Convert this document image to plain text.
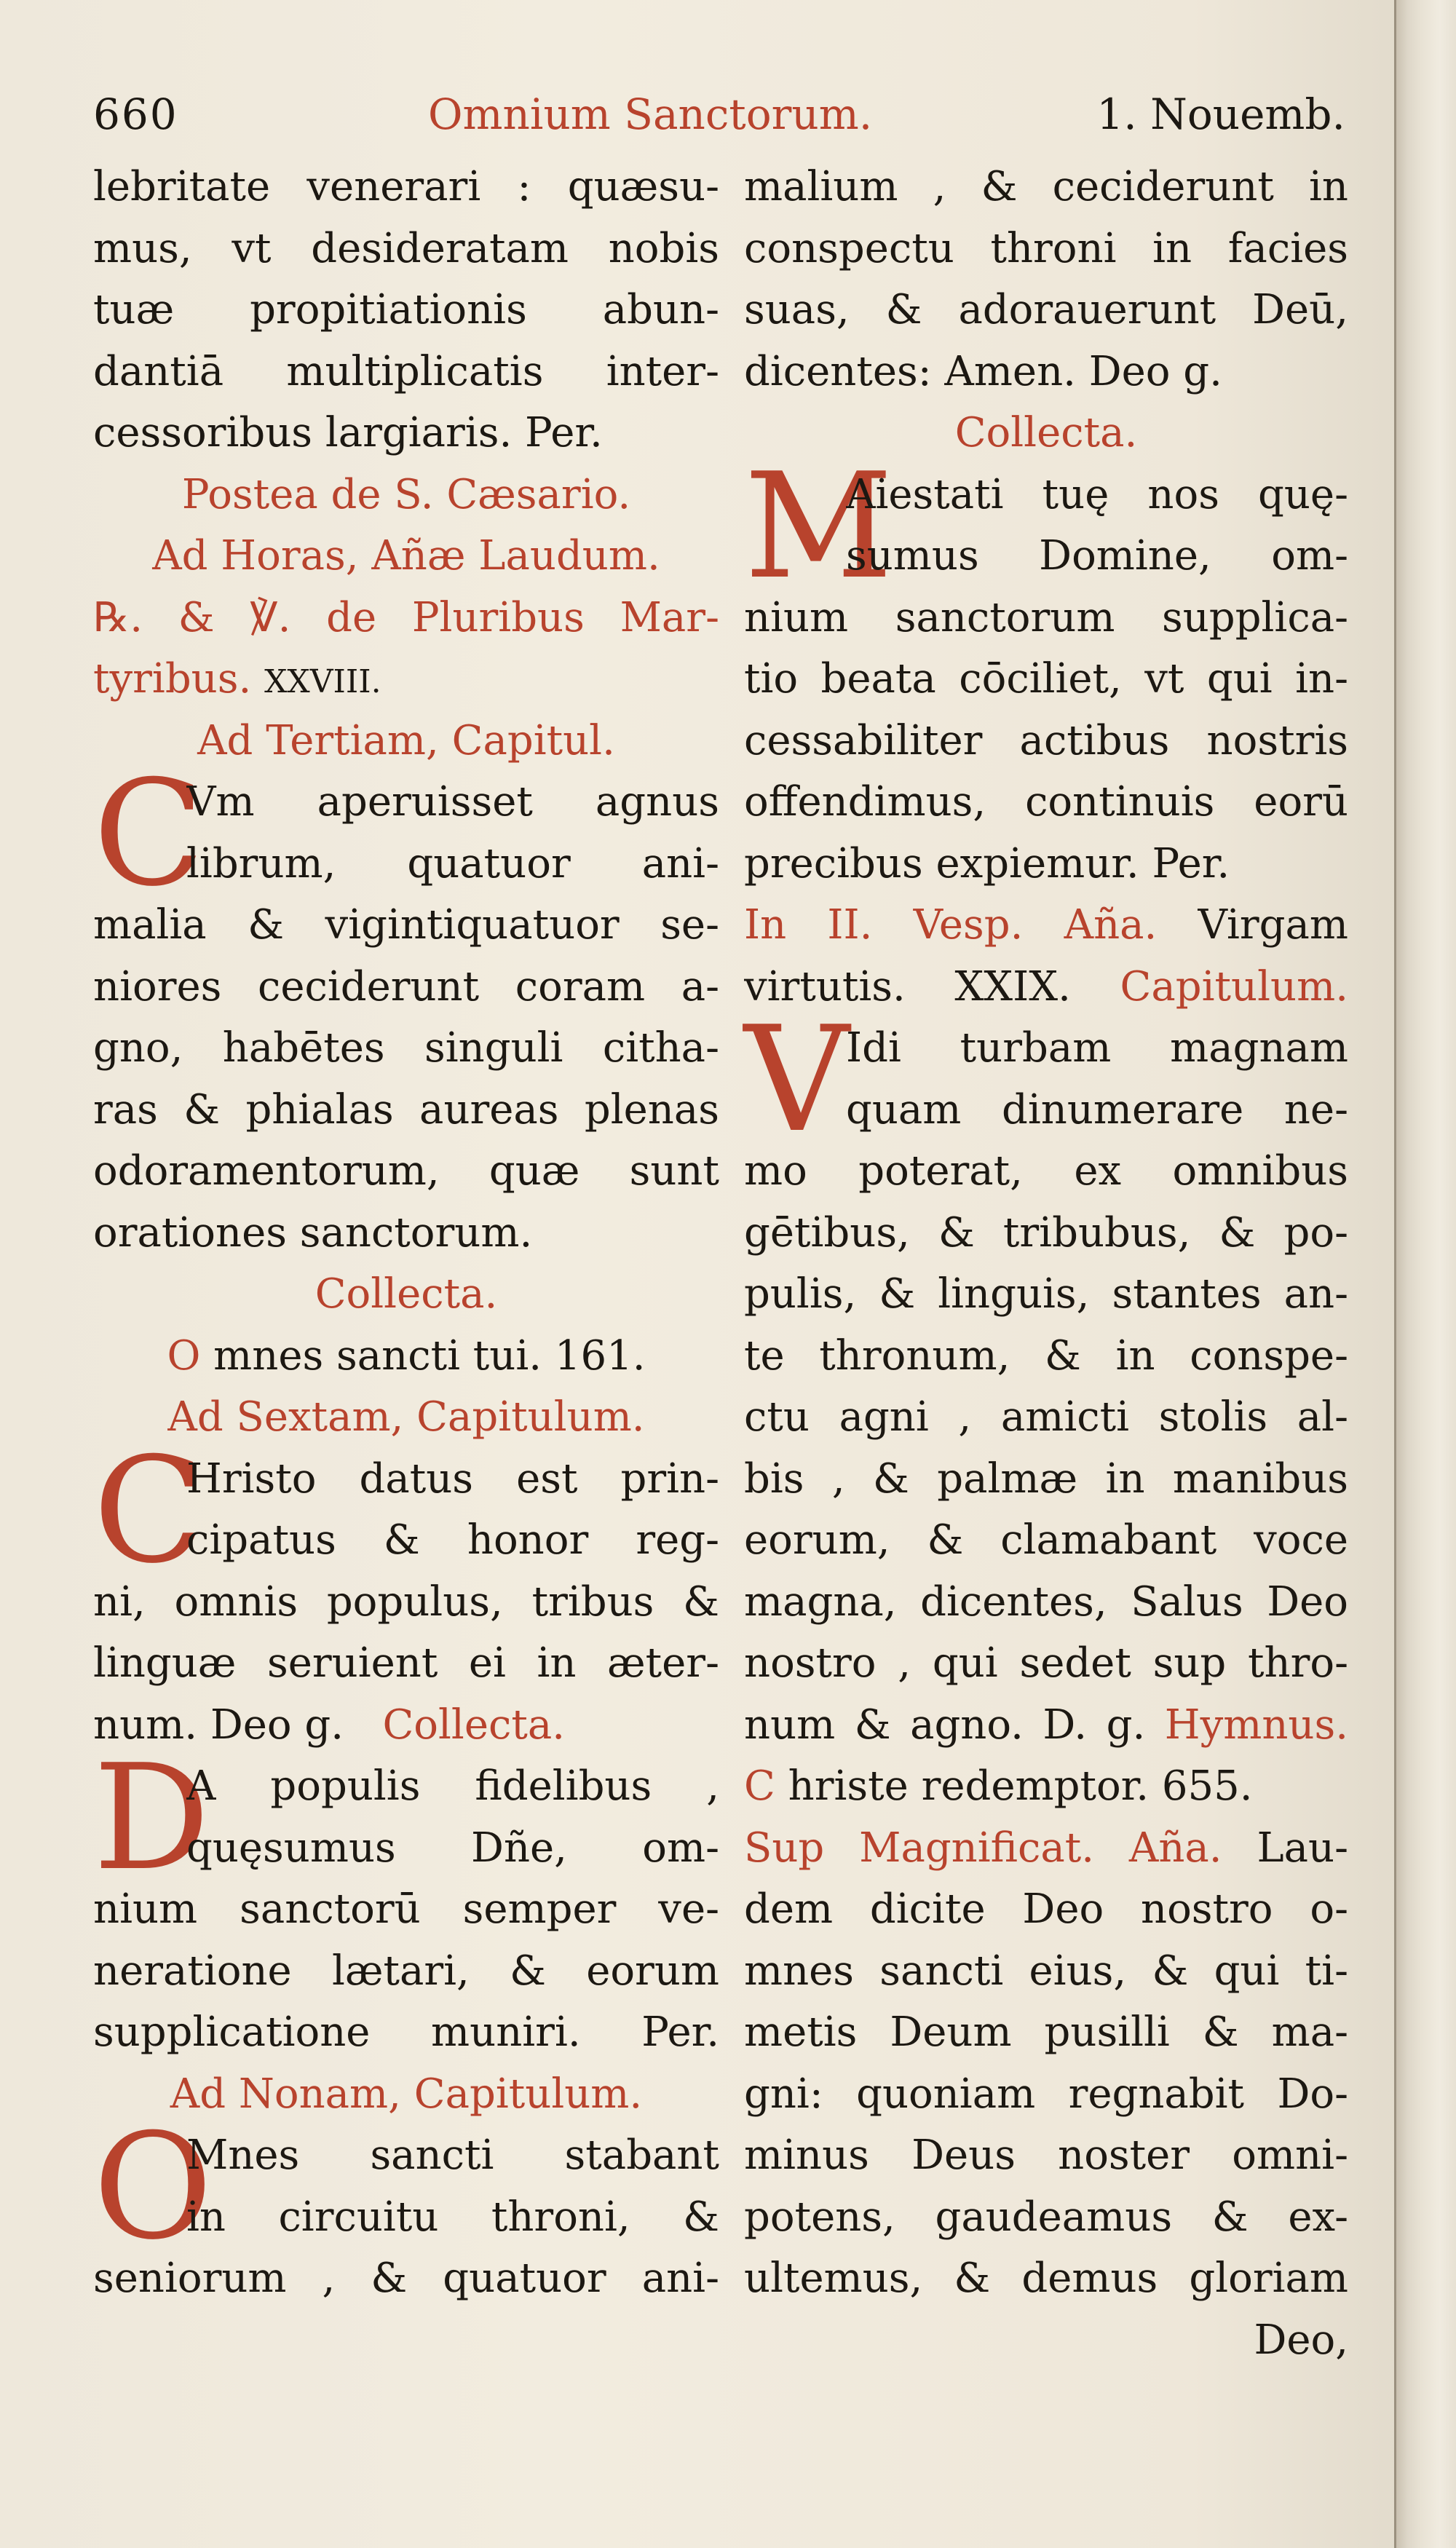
660	Omnium Sanctorum.	1. Nouemb.
lebritate venerari : quæsu-
mus, vt desideratam nobis
tuæ propitiationis abun-
dantiā multiplicatis inter-
cessoribus largiaris. Per.
Postea de S. Cæsario.
Ad Horas, Añæ Laudum.
℞. & ℣. de Pluribus Mar-
tyribus. XXVIII.
Ad Tertiam, Capitul.
C
Vm aperuisset agnus
librum, quatuor ani-
malia & vigintiquatuor se-
niores ceciderunt coram a-
gno, habētes singuli citha-
ras & phialas aureas plenas
odoramentorum, quæ sunt
orationes sanctorum.
Collecta.
O mnes sancti tui. 161.
Ad Sextam, Capitulum.
C
Hristo datus est prin-
cipatus & honor reg-
ni, omnis populus, tribus &
linguæ seruient ei in æter-
num. Deo g. Collecta.
D
A populis fidelibus ,
quęsumus Dñe, om-
nium sanctorū semper ve-
neratione lætari, & eorum
supplicatione muniri. Per.
Ad Nonam, Capitulum.
O
Mnes sancti stabant
in circuitu throni, &
seniorum , & quatuor ani-
malium , & ceciderunt in
conspectu throni in facies
suas, & adorauerunt Deū,
dicentes: Amen. Deo g.
Collecta.
M
Aiestati tuę nos quę-
sumus Domine, om-
nium sanctorum supplica-
tio beata cōciliet, vt qui in-
cessabiliter actibus nostris
offendimus, continuis eorū
precibus expiemur. Per.
In II. Vesp. Aña. Virgam
virtutis. XXIX. Capitulum.
V
Idi turbam magnam
quam dinumerare ne-
mo poterat, ex omnibus
gētibus, & tribubus, & po-
pulis, & linguis, stantes an-
te thronum, & in conspe-
ctu agni , amicti stolis al-
bis , & palmæ in manibus
eorum, & clamabant voce
magna, dicentes, Salus Deo
nostro , qui sedet sup thro-
num & agno. D. g. Hymnus.
C hriste redemptor. 655.
Sup Magnificat. Aña. Lau-
dem dicite Deo nostro o-
mnes sancti eius, & qui ti-
metis Deum pusilli & ma-
gni: quoniam regnabit Do-
minus Deus noster omni-
potens, gaudeamus & ex-
ultemus, & demus gloriam
Deo,
